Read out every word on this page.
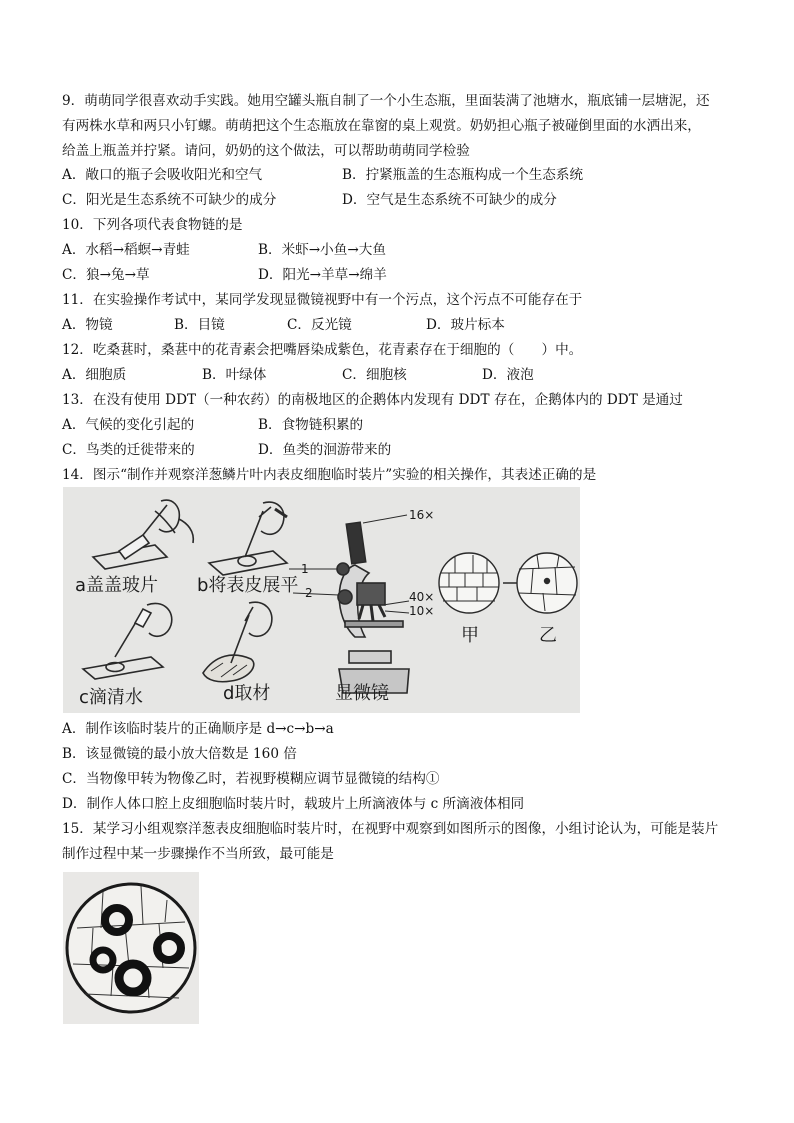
9．萌萌同学很喜欢动手实践。她用空罐头瓶自制了一个小生态瓶，里面装满了池塘水，瓶底铺一层塘泥，还
有两株水草和两只小钉螺。萌萌把这个生态瓶放在靠窗的桌上观赏。奶奶担心瓶子被碰倒里面的水洒出来，
给盖上瓶盖并拧紧。请问，奶奶的这个做法，可以帮助萌萌同学检验
A．敞口的瓶子会吸收阳光和空气	B．拧紧瓶盖的生态瓶构成一个生态系统
C．阳光是生态系统不可缺少的成分	D．空气是生态系统不可缺少的成分
10．下列各项代表食物链的是
A．水稻→稻螟→青蛙	B．米虾→小鱼→大鱼
C．狼→兔→草	D．阳光→羊草→绵羊
11．在实验操作考试中，某同学发现显微镜视野中有一个污点，这个污点不可能存在于
A．物镜	B．目镜	C．反光镜	D．玻片标本
12．吃桑葚时，桑葚中的花青素会把嘴唇染成紫色，花青素存在于细胞的（　　）中。
A．细胞质	B．叶绿体	C．细胞核	D．液泡
13．在没有使用 DDT（一种农药）的南极地区的企鹅体内发现有 DDT 存在，企鹅体内的 DDT 是通过
A．气候的变化引起的	B．食物链积累的
C．鸟类的迁徙带来的	D．鱼类的洄游带来的
14．图示“制作并观察洋葱鳞片叶内表皮细胞临时装片”实验的相关操作，其表述正确的是
a盖盖玻片 b将表皮展平
c滴清水	d取材
1
2
16×
40×
10×
显微镜
甲	乙
A．制作该临时装片的正确顺序是 d→c→b→a
B．该显微镜的最小放大倍数是 160 倍
C．当物像甲转为物像乙时，若视野模糊应调节显微镜的结构①
D．制作人体口腔上皮细胞临时装片时，载玻片上所滴液体与 c 所滴液体相同
15．某学习小组观察洋葱表皮细胞临时装片时，在视野中观察到如图所示的图像，小组讨论认为，可能是装片
制作过程中某一步骤操作不当所致，最可能是
